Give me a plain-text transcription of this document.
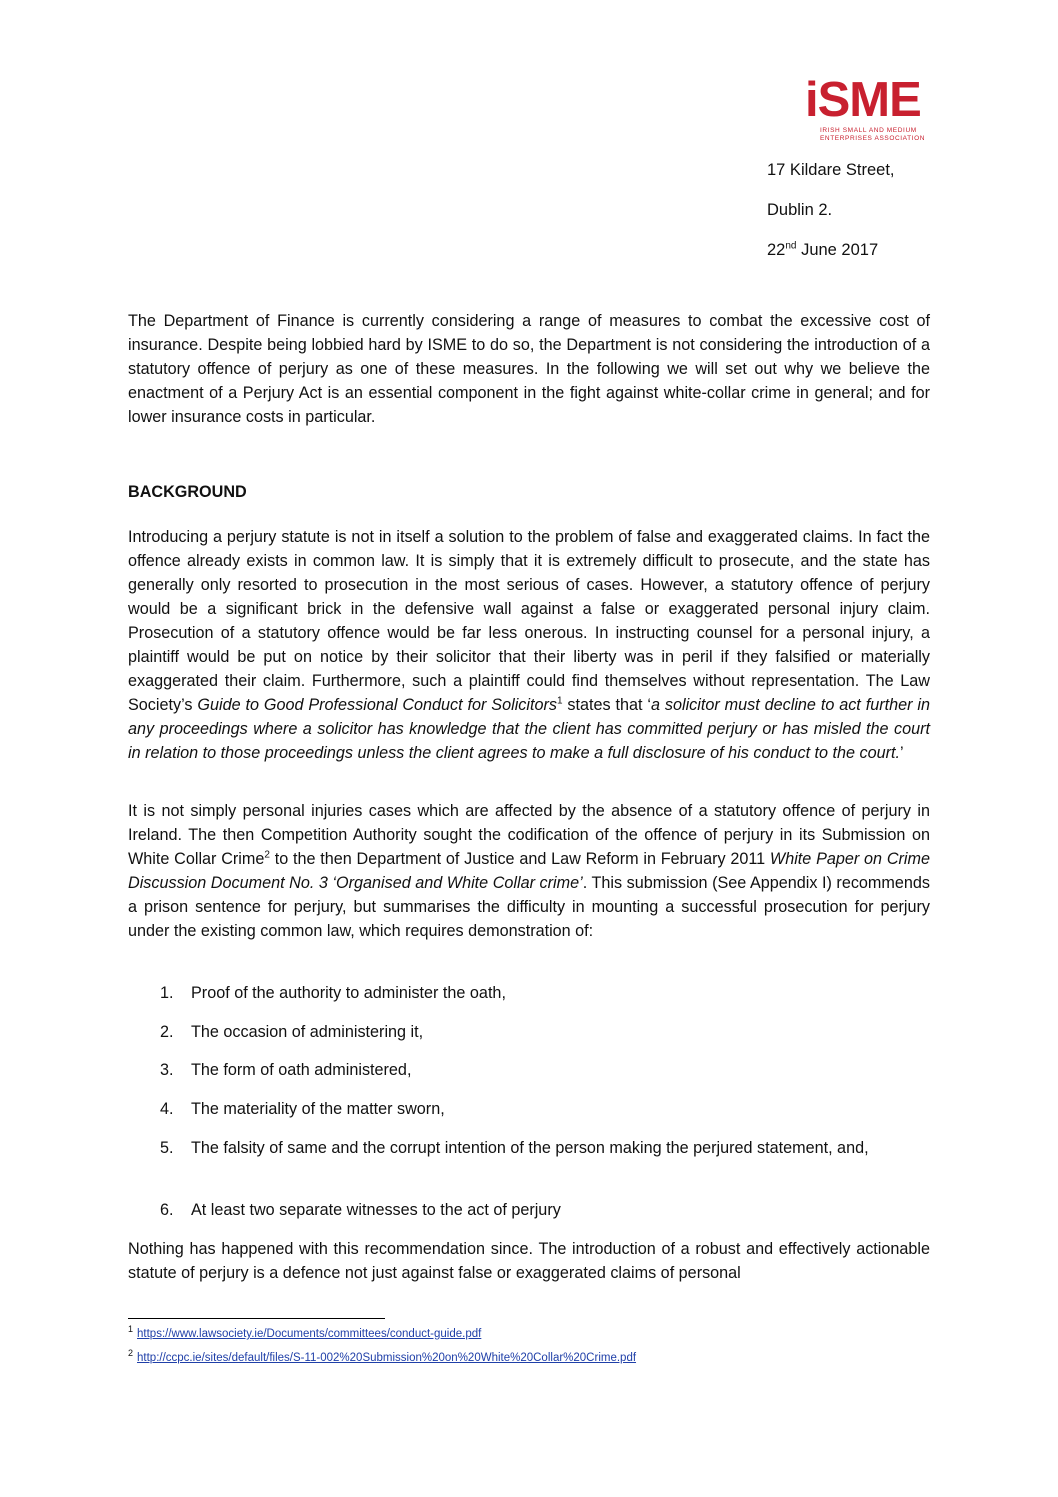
iSME
IRISH SMALL AND MEDIUM
ENTERPRISES ASSOCIATION
17 Kildare Street,
Dublin 2.
22nd June 2017
The Department of Finance is currently considering a range of measures to combat the excessive cost of insurance. Despite being lobbied hard by ISME to do so, the Department is not considering the introduction of a statutory offence of perjury as one of these measures. In the following we will set out why we believe the enactment of a Perjury Act is an essential component in the fight against white-collar crime in general; and for lower insurance costs in particular.
BACKGROUND
Introducing a perjury statute is not in itself a solution to the problem of false and exaggerated claims. In fact the offence already exists in common law. It is simply that it is extremely difficult to prosecute, and the state has generally only resorted to prosecution in the most serious of cases. However, a statutory offence of perjury would be a significant brick in the defensive wall against a false or exaggerated personal injury claim. Prosecution of a statutory offence would be far less onerous. In instructing counsel for a personal injury, a plaintiff would be put on notice by their solicitor that their liberty was in peril if they falsified or materially exaggerated their claim. Furthermore, such a plaintiff could find themselves without representation. The Law Society’s Guide to Good Professional Conduct for Solicitors$^1$ states that ‘a solicitor must decline to act further in any proceedings where a solicitor has knowledge that the client has committed perjury or has misled the court in relation to those proceedings unless the client agrees to make a full disclosure of his conduct to the court.’
It is not simply personal injuries cases which are affected by the absence of a statutory offence of perjury in Ireland. The then Competition Authority sought the codification of the offence of perjury in its Submission on White Collar Crime$^2$ to the then Department of Justice and Law Reform in February 2011 White Paper on Crime Discussion Document No. 3 ‘Organised and White Collar crime’. This submission (See Appendix I) recommends a prison sentence for perjury, but summarises the difficulty in mounting a successful prosecution for perjury under the existing common law, which requires demonstration of:
1.	Proof of the authority to administer the oath,
2.	The occasion of administering it,
3.	The form of oath administered,
4.	The materiality of the matter sworn,
5.	The falsity of same and the corrupt intention of the person making the perjured statement, and,
6.	At least two separate witnesses to the act of perjury
Nothing has happened with this recommendation since. The introduction of a robust and effectively actionable statute of perjury is a defence not just against false or exaggerated claims of personal
$^1$ https://www.lawsociety.ie/Documents/committees/conduct-guide.pdf
$^2$ http://ccpc.ie/sites/default/files/S-11-002%20Submission%20on%20White%20Collar%20Crime.pdf
